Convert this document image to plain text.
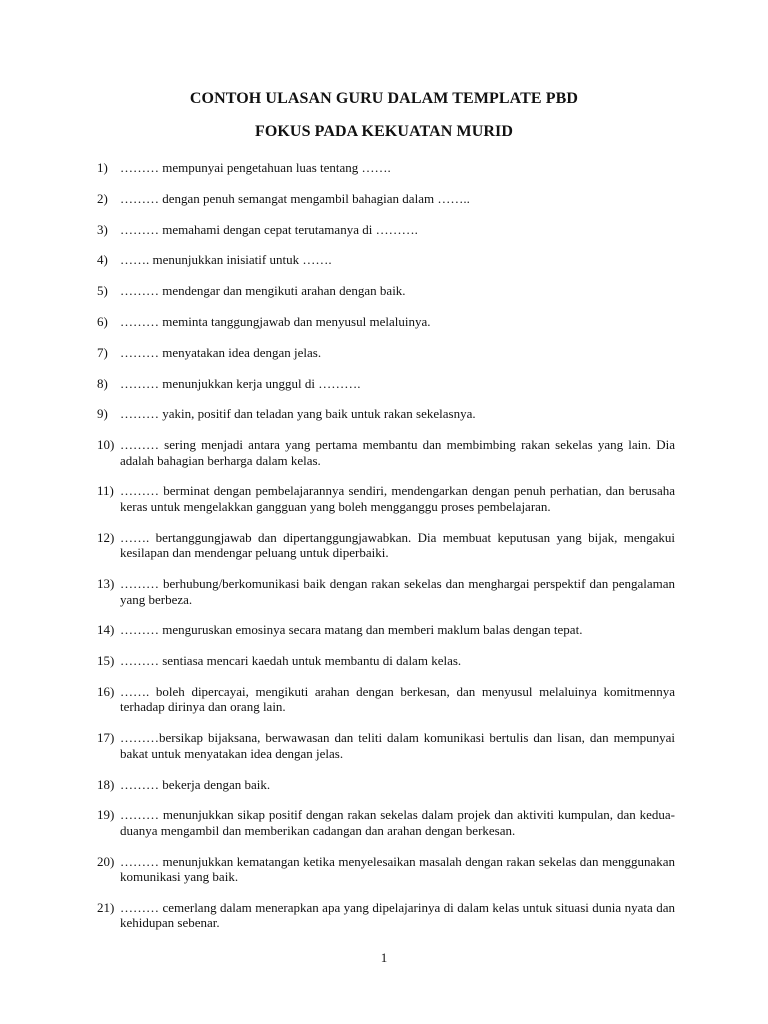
CONTOH ULASAN GURU DALAM TEMPLATE PBD
FOKUS PADA KEKUATAN MURID
1) ……… mempunyai pengetahuan luas tentang …….
2) ……… dengan penuh semangat mengambil bahagian dalam ……..
3) ……… memahami dengan cepat terutamanya di ……….
4) ……. menunjukkan inisiatif untuk …….
5) ……… mendengar dan mengikuti arahan dengan baik.
6) ……… meminta tanggungjawab dan menyusul melaluinya.
7) ……… menyatakan idea dengan jelas.
8) ……… menunjukkan kerja unggul di ……….
9) ……… yakin, positif dan teladan yang baik untuk rakan sekelasnya.
10) ……… sering menjadi antara yang pertama membantu dan membimbing rakan sekelas yang lain. Dia adalah bahagian berharga dalam kelas.
11) ……… berminat dengan pembelajarannya sendiri, mendengarkan dengan penuh perhatian, dan berusaha keras untuk mengelakkan gangguan yang boleh mengganggu proses pembelajaran.
12) ……. bertanggungjawab dan dipertanggungjawabkan. Dia membuat keputusan yang bijak, mengakui kesilapan dan mendengar peluang untuk diperbaiki.
13) ……… berhubung/berkomunikasi baik dengan rakan sekelas dan menghargai perspektif dan pengalaman yang berbeza.
14) ……… menguruskan emosinya secara matang dan memberi maklum balas dengan tepat.
15) ……… sentiasa mencari kaedah untuk membantu di dalam kelas.
16) ……. boleh dipercayai, mengikuti arahan dengan berkesan, dan menyusul melaluinya komitmennya terhadap dirinya dan orang lain.
17) ………bersikap bijaksana, berwawasan dan teliti dalam komunikasi bertulis dan lisan, dan mempunyai bakat untuk menyatakan idea dengan jelas.
18) ……… bekerja dengan baik.
19) ……… menunjukkan sikap positif dengan rakan sekelas dalam projek dan aktiviti kumpulan, dan kedua-duanya mengambil dan memberikan cadangan dan arahan dengan berkesan.
20) ……… menunjukkan kematangan ketika menyelesaikan masalah dengan rakan sekelas dan menggunakan komunikasi yang baik.
21) ……… cemerlang dalam menerapkan apa yang dipelajarinya di dalam kelas untuk situasi dunia nyata dan kehidupan sebenar.
1
